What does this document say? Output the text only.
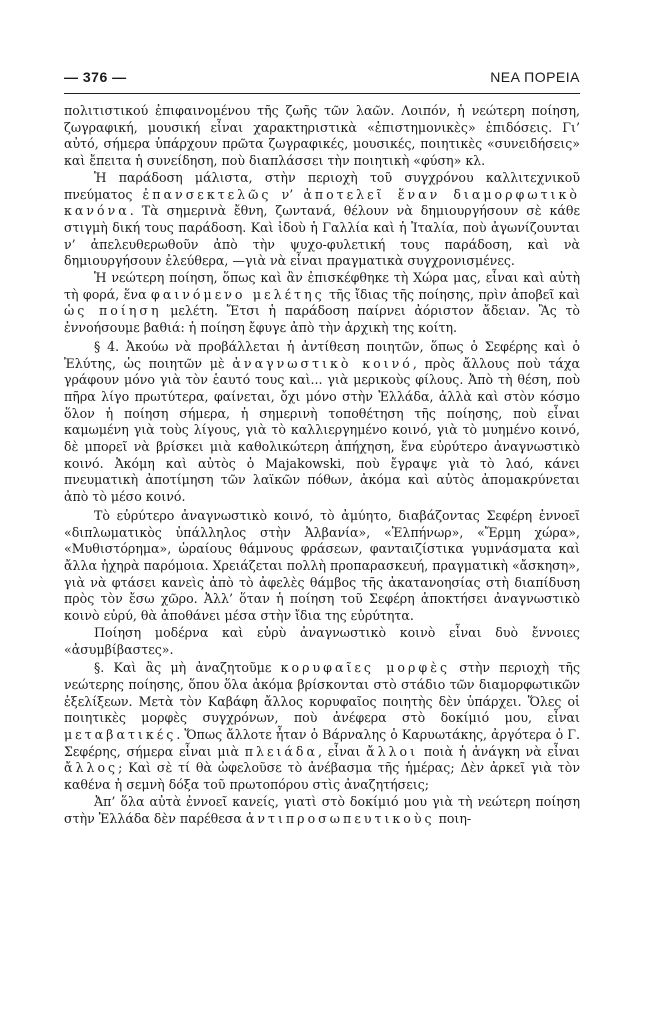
— 376 —	ΝΕΑ ΠΟΡΕΙΑ

πολιτιστικού ἐπιφαινομένου τῆς ζωῆς τῶν λαῶν. Λοιπόν, ἡ νεώτερη ποίηση, ζωγραφική, μουσική εἶναι χαρακτηριστικὰ «ἐπιστημονικὲς» ἐπιδόσεις. Γι’ αὐτό, σήμερα ὑπάρχουν πρῶτα ζωγραφικές, μουσικές, ποιητικὲς «συνειδήσεις» καὶ ἔπειτα ἡ συνείδηση, ποὺ διαπλάσσει τὴν ποιητικὴ «φύση» κλ.

Ἡ παράδοση μάλιστα, στὴν περιοχὴ τοῦ συγχρόνου καλλιτεχνικοῦ πνεύματος ἐπανσεκτελῶς ν’ ἀποτελεῖ ἕναν διαμορφωτικὸ κανόνα. Τὰ σημερινὰ ἔθνη, ζωντανά, θέλουν νὰ δημιουργήσουν σὲ κάθε στιγμὴ δική τους παράδοση. Καὶ ἰδοὺ ἡ Γαλλία καὶ ἡ Ἰταλία, ποὺ ἀγωνίζουνται ν’ ἀπελευθερωθοῦν ἀπὸ τὴν ψυχο-φυλετική τους παράδοση, καὶ νὰ δημιουργήσουν ἐλεύθερα, —γιὰ νὰ εἶναι πραγματικὰ συγχρονισμένες.

Ἡ νεώτερη ποίηση, ὅπως καὶ ἂν ἐπισκέφθηκε τὴ Χώρα μας, εἶναι καὶ αὐτὴ τὴ φορά, ἕνα φαινόμενο μελέτης τῆς ἴδιας τῆς ποίησης, πρὶν ἀποβεῖ καὶ ὡς ποίηση μελέτη. Ἔτσι ἡ παράδοση παίρνει ἀόριστον ἄδειαν. Ἂς τὸ ἐννοήσουμε βαθιά: ἡ ποίηση ἔφυγε ἀπὸ τὴν ἀρχικὴ της κοίτη.

§ 4. Ἀκούω νὰ προβάλλεται ἡ ἀντίθεση ποιητῶν, ὅπως ὁ Σεφέρης καὶ ὁ Ἐλύτης, ὡς ποιητῶν μὲ ἀναγνωστικὸ κοινό, πρὸς ἄλλους ποὺ τάχα γράφουν μόνο γιὰ τὸν ἑαυτό τους καὶ... γιὰ μερικοὺς φίλους. Ἀπὸ τὴ θέση, ποὺ πῆρα λίγο πρωτύτερα, φαίνεται, ὄχι μόνο στὴν Ἑλλάδα, ἀλλὰ καὶ στὸν κόσμο ὅλον ἡ ποίηση σήμερα, ἡ σημερινὴ τοποθέτηση τῆς ποίησης, ποὺ εἶναι καμωμένη γιὰ τοὺς λίγους, γιὰ τὸ καλλιεργημένο κοινό, γιὰ τὸ μυημένο κοινό, δὲ μπορεῖ νὰ βρίσκει μιὰ καθολικώτερη ἀπήχηση, ἕνα εὐρύτερο ἀναγνωστικὸ κοινό. Ἀκόμη καὶ αὐτὸς ὁ Majakowski, ποὺ ἔγραψε γιὰ τὸ λαό, κάνει πνευματικὴ ἀποτίμηση τῶν λαϊκῶν πόθων, ἀκόμα καὶ αὐτὸς ἀπομακρύνεται ἀπὸ τὸ μέσο κοινό.

Τὸ εὐρύτερο ἀναγνωστικὸ κοινό, τὸ ἀμύητο, διαβάζοντας Σεφέρη ἐννοεῖ «διπλωματικὸς ὑπάλληλος στὴν Ἀλβανία», «Ἐλπήνωρ», «Ἔρμη χώρα», «Μυθιστόρημα», ὡραίους θάμνους φράσεων, φανταιζίστικα γυμνάσματα καὶ ἄλλα ἠχηρὰ παρόμοια. Χρειάζεται πολλὴ προπαρασκευή, πραγματικὴ «ἄσκηση», γιὰ νὰ φτάσει κανεὶς ἀπὸ τὸ ἀφελὲς θάμβος τῆς ἀκατανοησίας στὴ διαπίδυση πρὸς τὸν ἔσω χῶρο. Ἀλλ’ ὅταν ἡ ποίηση τοῦ Σεφέρη ἀποκτήσει ἀναγνωστικὸ κοινὸ εὐρύ, θὰ ἀποθάνει μέσα στὴν ἴδια της εὐρύτητα.

Ποίηση μοδέρνα καὶ εὐρὺ ἀναγνωστικὸ κοινὸ εἶναι δυὸ ἔννοιες «ἀσυμβίβαστες».

§. Καὶ ἂς μὴ ἀναζητοῦμε κορυφαῖες μορφὲς στὴν περιοχὴ τῆς νεώτερης ποίησης, ὅπου ὅλα ἀκόμα βρίσκονται στὸ στάδιο τῶν διαμορφωτικῶν ἐξελίξεων. Μετὰ τὸν Καβάφη ἄλλος κορυφαῖος ποιητὴς δὲν ὑπάρχει. Ὅλες οἱ ποιητικὲς μορφὲς συγχρόνων, ποὺ ἀνέφερα στὸ δοκίμιό μου, εἶναι μεταβατικές. Ὅπως ἄλλοτε ἦταν ὁ Βάρναλης ὁ Καρυωτάκης, ἀργότερα ὁ Γ. Σεφέρης, σήμερα εἶναι μιὰ πλειάδα, εἶναι ἄλλοι ποιὰ ἡ ἀνάγκη νὰ εἶναι ἄλλος; Καὶ σὲ τί θὰ ὠφελοῦσε τὸ ἀνέβασμα τῆς ἡμέρας; Δὲν ἀρκεῖ γιὰ τὸν καθένα ἡ σεμνὴ δόξα τοῦ πρωτοπόρου στὶς ἀναζητήσεις;

Ἀπ’ ὅλα αὐτὰ ἐννοεῖ κανείς, γιατὶ στὸ δοκίμιό μου γιὰ τὴ νεώτερη ποίηση στὴν Ἑλλάδα δὲν παρέθεσα ἀντιπροσωπευτικοὺς ποιη-
